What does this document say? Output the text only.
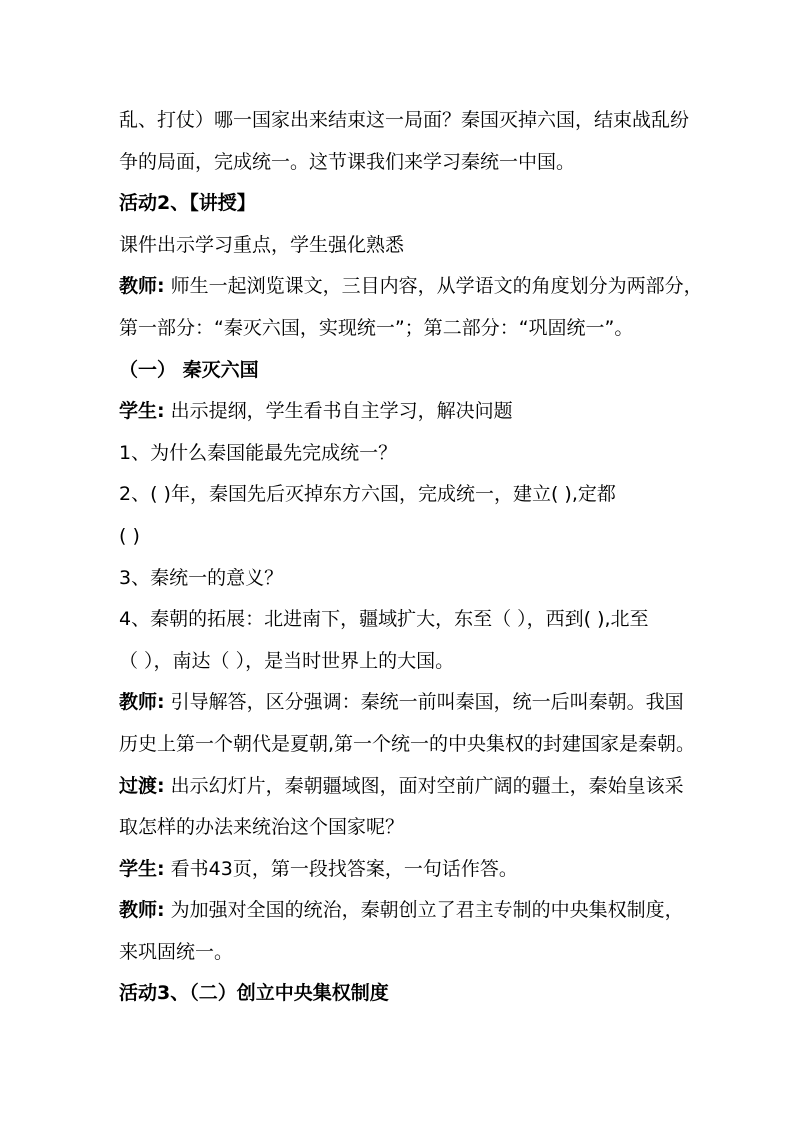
乱、打仗）哪一国家出来结束这一局面？秦国灭掉六国，结束战乱纷
争的局面，完成统一。这节课我们来学习秦统一中国。
活动2、【讲授】
课件出示学习重点，学生强化熟悉
教师: 师生一起浏览课文，三目内容，从学语文的角度划分为两部分，
第一部分：“秦灭六国，实现统一”；第二部分：“巩固统一”。
（一） 秦灭六国
学生: 出示提纲，学生看书自主学习，解决问题
1、为什么秦国能最先完成统一？
2、( )年，秦国先后灭掉东方六国，完成统一，建立( ),定都
( )
3、秦统一的意义？
4、秦朝的拓展：北进南下，疆域扩大，东至（ ），西到( ),北至
（ ），南达（ ），是当时世界上的大国。
教师: 引导解答，区分强调：秦统一前叫秦国，统一后叫秦朝。我国
历史上第一个朝代是夏朝,第一个统一的中央集权的封建国家是秦朝。
过渡: 出示幻灯片，秦朝疆域图，面对空前广阔的疆土，秦始皇该采
取怎样的办法来统治这个国家呢？
学生: 看书43页，第一段找答案，一句话作答。
教师: 为加强对全国的统治，秦朝创立了君主专制的中央集权制度，
来巩固统一。
活动3、（二）创立中央集权制度
